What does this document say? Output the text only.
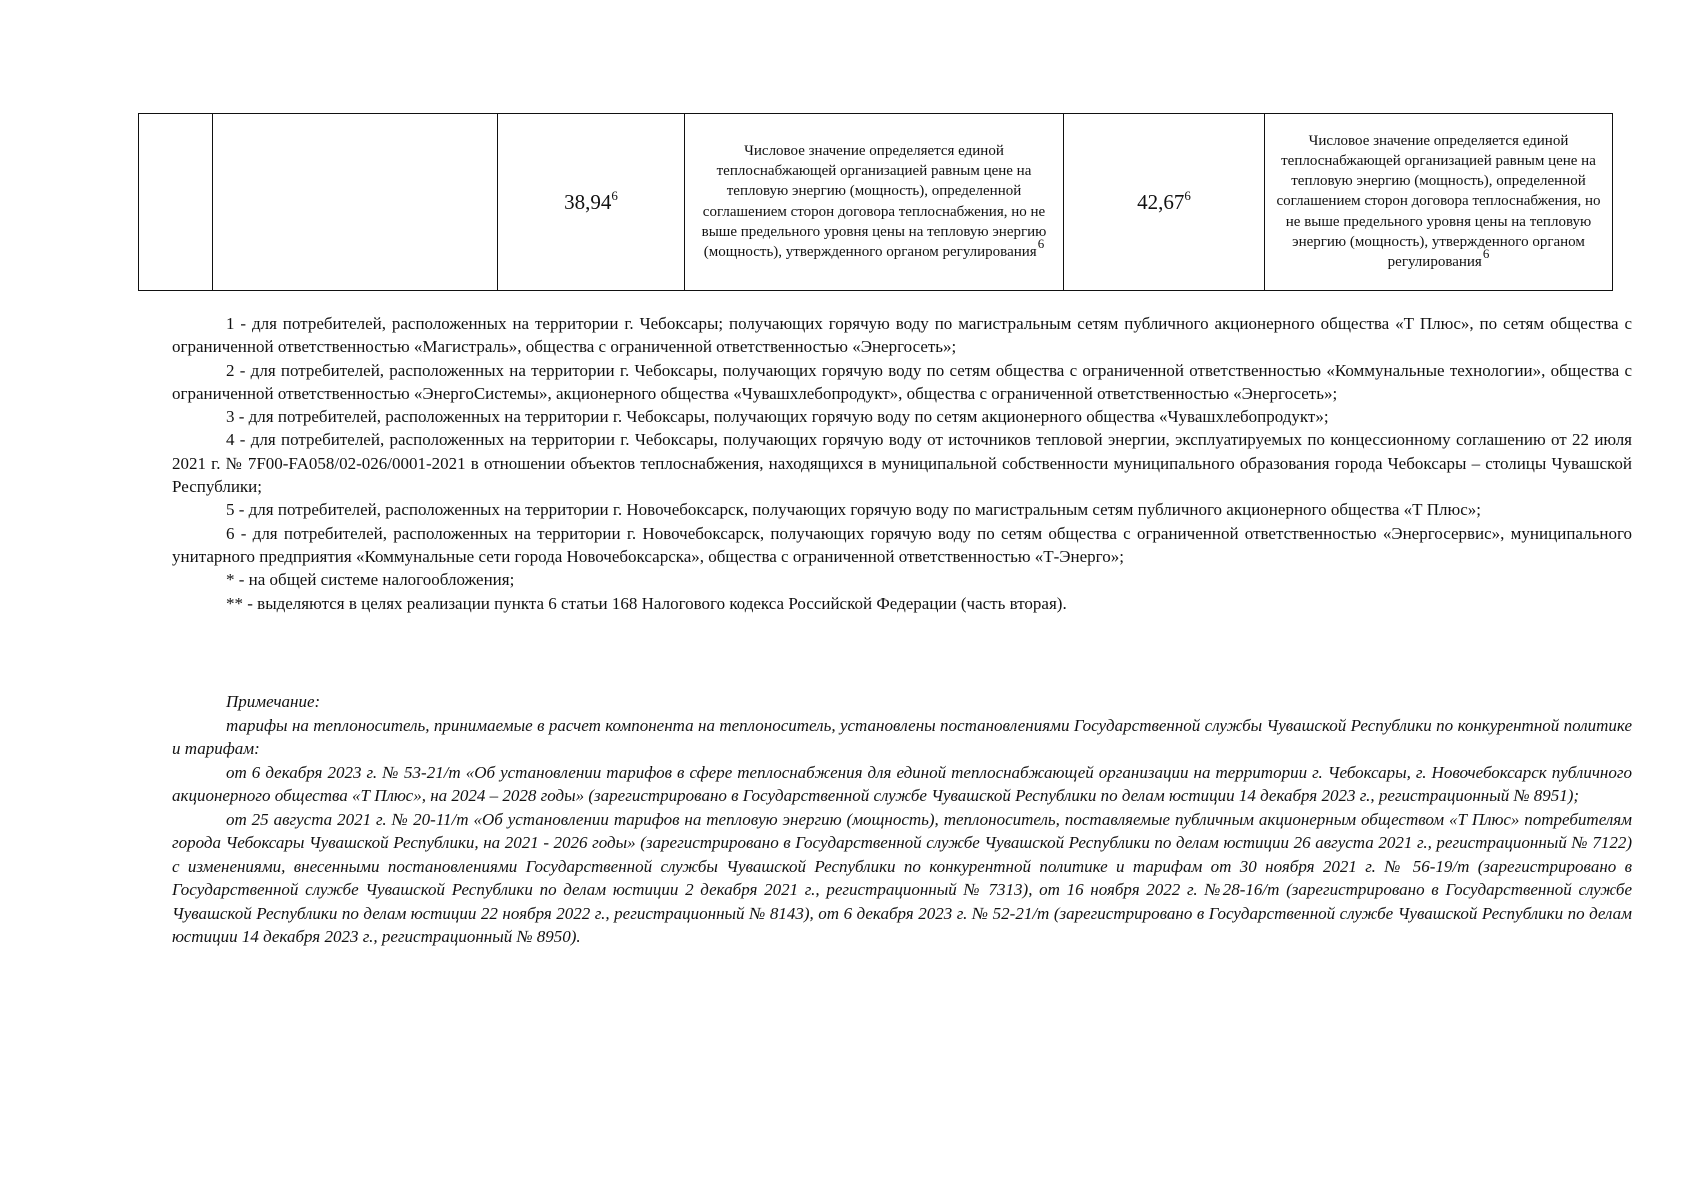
		38,94$^6$	Числовое значение определяется единой теплоснабжающей организацией равным цене на тепловую энергию (мощность), определенной соглашением сторон договора теплоснабжения, но не выше предельного уровня цены на тепловую энергию (мощность), утвержденного органом регулирования6	42,67$^6$	Числовое значение определяется единой теплоснабжающей организацией равным цене на тепловую энергию (мощность), определенной соглашением сторон договора теплоснабжения, но не выше предельного уровня цены на тепловую энергию (мощность), утвержденного органом регулирования6

1 - для потребителей, расположенных на территории г. Чебоксары; получающих горячую воду по магистральным сетям публичного акционерного общества «Т Плюс», по сетям общества с ограниченной ответственностью «Магистраль», общества с ограниченной ответственностью «Энергосеть»;

2 - для потребителей, расположенных на территории г. Чебоксары, получающих горячую воду по сетям общества с ограниченной ответственностью «Коммунальные технологии», общества с ограниченной ответственностью «ЭнергоСистемы», акционерного общества «Чувашхлебопродукт», общества с ограниченной ответственностью «Энергосеть»;

3 - для потребителей, расположенных на территории г. Чебоксары, получающих горячую воду по сетям акционерного общества «Чувашхлебопродукт»;

4 - для потребителей, расположенных на территории г. Чебоксары, получающих горячую воду от источников тепловой энергии, эксплуатируемых по концессионному соглашению от 22 июля 2021 г. № 7F00-FA058/02-026/0001-2021 в отношении объектов теплоснабжения, находящихся в муниципальной собственности муниципального образования города Чебоксары – столицы Чувашской Республики;

5 - для потребителей, расположенных на территории г. Новочебоксарск, получающих горячую воду по магистральным сетям публичного акционерного общества «Т Плюс»;

6 - для потребителей, расположенных на территории г. Новочебоксарск, получающих горячую воду по сетям общества с ограниченной ответственностью «Энергосервис», муниципального унитарного предприятия «Коммунальные сети города Новочебоксарска», общества с ограниченной ответственностью «Т-Энерго»;

* - на общей системе налогообложения;

** - выделяются в целях реализации пункта 6 статьи 168 Налогового кодекса Российской Федерации (часть вторая).

Примечание:

тарифы на теплоноситель, принимаемые в расчет компонента на теплоноситель, установлены постановлениями Государственной службы Чувашской Республики по конкурентной политике и тарифам:

от 6 декабря 2023 г. № 53-21/т «Об установлении тарифов в сфере теплоснабжения для единой теплоснабжающей организации на территории г. Чебоксары, г. Новочебоксарск публичного акционерного общества «Т Плюс», на 2024 – 2028 годы» (зарегистрировано в Государственной службе Чувашской Республики по делам юстиции 14 декабря 2023 г., регистрационный № 8951);

от 25 августа 2021 г. № 20-11/т «Об установлении тарифов на тепловую энергию (мощность), теплоноситель, поставляемые публичным акционерным обществом «Т Плюс» потребителям города Чебоксары Чувашской Республики, на 2021 - 2026 годы» (зарегистрировано в Государственной службе Чувашской Республики по делам юстиции 26 августа 2021 г., регистрационный № 7122) с изменениями, внесенными постановлениями Государственной службы Чувашской Республики по конкурентной политике и тарифам от 30 ноября 2021 г. № 56-19/т (зарегистрировано в Государственной службе Чувашской Республики по делам юстиции 2 декабря 2021 г., регистрационный № 7313), от 16 ноября 2022 г. №28-16/т (зарегистрировано в Государственной службе Чувашской Республики по делам юстиции 22 ноября 2022 г., регистрационный № 8143), от 6 декабря 2023 г. № 52-21/т (зарегистрировано в Государственной службе Чувашской Республики по делам юстиции 14 декабря 2023 г., регистрационный № 8950).
